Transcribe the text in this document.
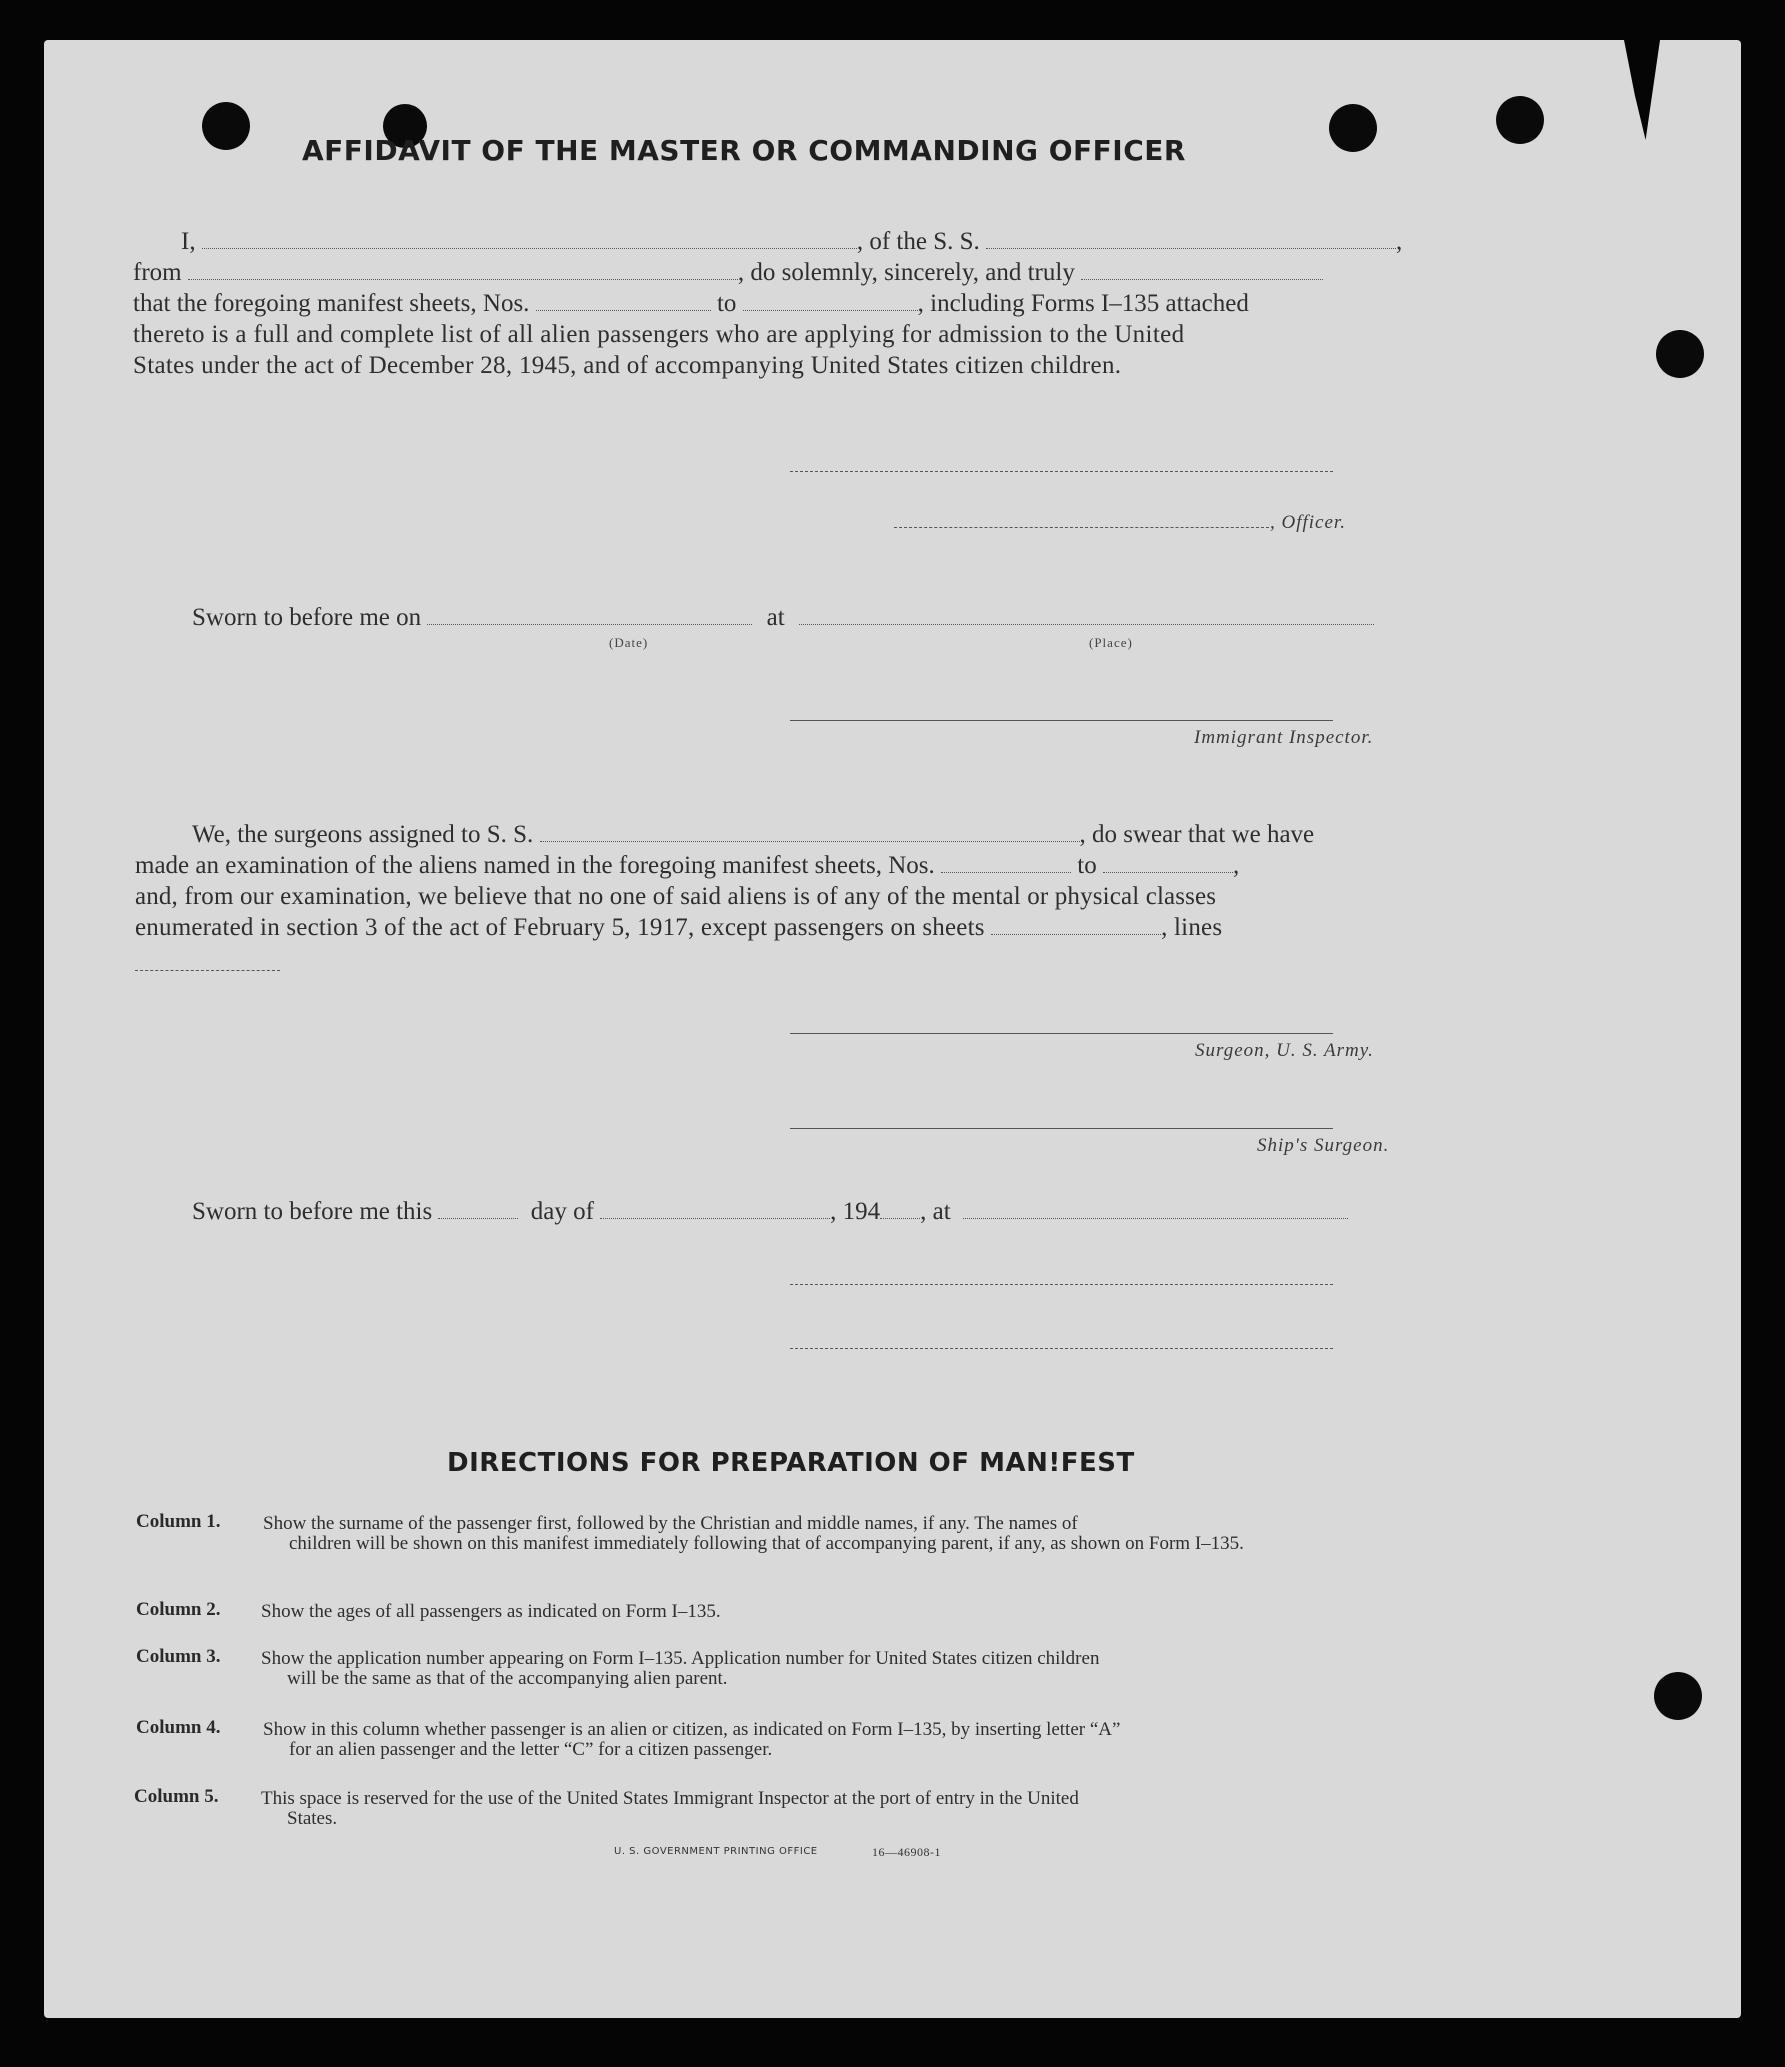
AFFIDAVIT OF THE MASTER OR COMMANDING OFFICER
I,	, of the S. S.	,
from	, do solemnly, sincerely, and truly
that the foregoing manifest sheets, Nos.	to	, including Forms I–135 attached
thereto is a full and complete list of all alien passengers who are applying for admission to the United
States under the act of December 28, 1945, and of accompanying United States citizen children.
, Officer.
Sworn to before me on	at
(Date)	(Place)
Immigrant Inspector.
We, the surgeons assigned to S. S.	, do swear that we have
made an examination of the aliens named in the foregoing manifest sheets, Nos.	to	,
and, from our examination, we believe that no one of said aliens is of any of the mental or physical classes
enumerated in section 3 of the act of February 5, 1917, except passengers on sheets	, lines
Surgeon, U. S. Army.
Ship's Surgeon.
Sworn to before me this	day of	, 194 , at
DIRECTIONS FOR PREPARATION OF MAN!FEST
Column 1. Show the surname of the passenger first, followed by the Christian and middle names, if any. The names of
children will be shown on this manifest immediately following that of accompanying parent, if any, as shown on Form I–135.
Column 2. Show the ages of all passengers as indicated on Form I–135.
Column 3. Show the application number appearing on Form I–135. Application number for United States citizen children
will be the same as that of the accompanying alien parent.
Column 4. Show in this column whether passenger is an alien or citizen, as indicated on Form I–135, by inserting letter “A”
for an alien passenger and the letter “C” for a citizen passenger.
Column 5. This space is reserved for the use of the United States Immigrant Inspector at the port of entry in the United
States.
U. S. GOVERNMENT PRINTING OFFICE	16—46908-1
